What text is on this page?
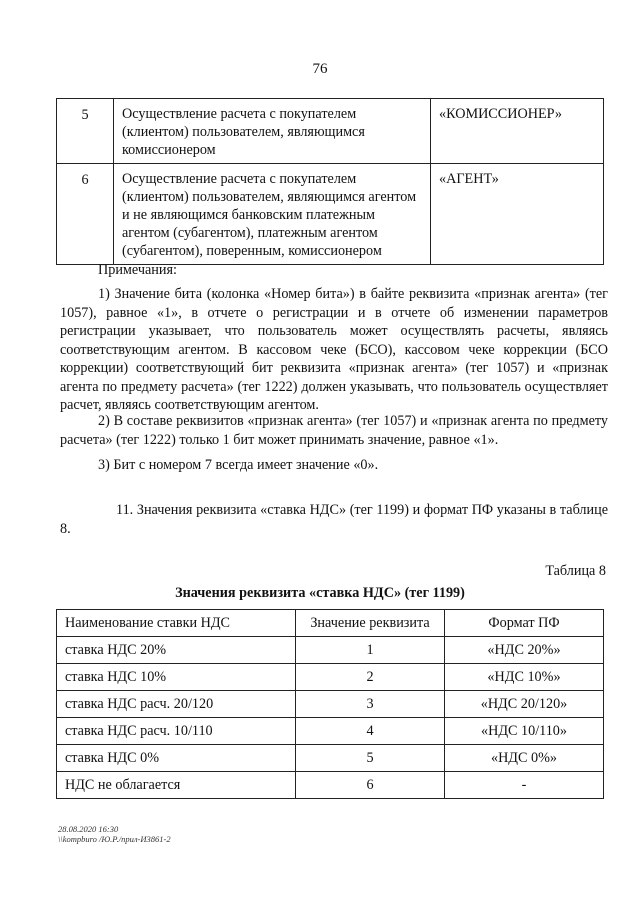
76
5	Осуществление расчета с покупателем (клиентом) пользователем, являющимся комиссионером	«КОМИССИОНЕР»
6	Осуществление расчета с покупателем (клиентом) пользователем, являющимся агентом и не являющимся банковским платежным агентом (субагентом), платежным агентом (субагентом), поверенным, комиссионером	«АГЕНТ»
Примечания:

1) Значение бита (колонка «Номер бита») в байте реквизита «признак агента» (тег 1057), равное «1», в отчете о регистрации и в отчете об изменении параметров регистрации указывает, что пользователь может осуществлять расчеты, являясь соответствующим агентом. В кассовом чеке (БСО), кассовом чеке коррекции (БСО коррекции) соответствующий бит реквизита «признак агента» (тег 1057) и «признак агента по предмету расчета» (тег 1222) должен указывать, что пользователь осуществляет расчет, являясь соответствующим агентом.

2) В составе реквизитов «признак агента» (тег 1057) и «признак агента по предмету расчета» (тег 1222) только 1 бит может принимать значение, равное «1».

3) Бит с номером 7 всегда имеет значение «0».

11. Значения реквизита «ставка НДС» (тег 1199) и формат ПФ указаны в таблице 8.

Таблица 8
Значения реквизита «ставка НДС» (тег 1199)
Наименование ставки НДС	Значение реквизита	Формат ПФ
ставка НДС 20%	1	«НДС 20%»
ставка НДС 10%	2	«НДС 10%»
ставка НДС расч. 20/120	3	«НДС 20/120»
ставка НДС расч. 10/110	4	«НДС 10/110»
ставка НДС 0%	5	«НДС 0%»
НДС не облагается	6	-
28.08.2020 16:30
\\kompburo /Ю.Р./прил-И3861-2
